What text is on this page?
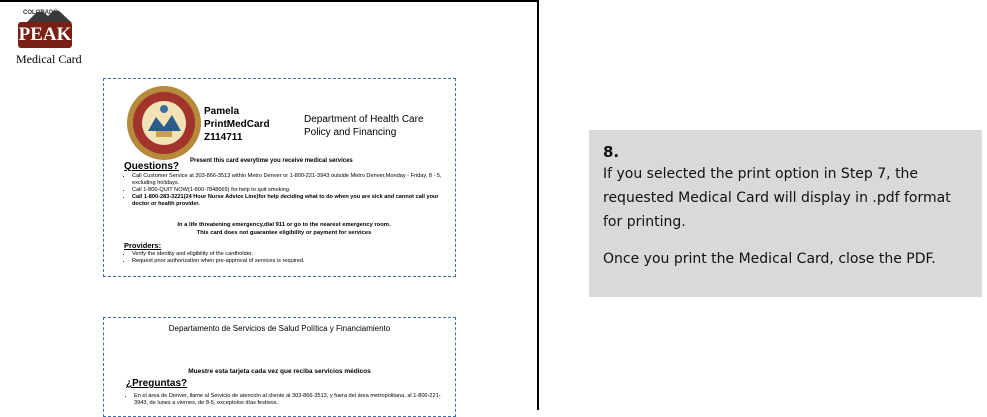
COLORADO
PEAK
Medical Card
Pamela
PrintMedCard
Z114711
Department of Health Care
Policy and Financing
Present this card everytime you receive medical services
Questions?
• Call Customer Service at 303-866-3513 within Metro Denver or 1-800-221-3943 outside Metro Denver,Monday - Friday, 8 - 5, excluding holidays.
• Call 1-800-QUIT NOW(1-800-7848669) for help to quit smoking.
• Call 1-800-283-3221(24 Hour Nurse Advice Line)for help deciding what to do when you are sick and cannot call your doctor or health provider.
In a life threatening emergency,dial 911 or go to the nearest emergency room.
This card does not guarantee eligibility or payment for services
Providers:
• Verify the identity and eligibility of the cardholder.
• Request prior authorization when pre-approval of services is required.
Departamento de Servicios de Salud Política y Financiamiento
Muestre esta tarjeta cada vez que reciba servicios médicos
¿Preguntas?
• En el área de Denver, llame al Servicio de atención al cliente al 303-866-3513, y fuera del área metropolitana, al 1-800-221-3943, de lunes a viernes, de 8-5, exceptolos días festivos.
8.

If you selected the print option in Step 7, the requested Medical Card will display in .pdf format for printing.

Once you print the Medical Card, close the PDF.
